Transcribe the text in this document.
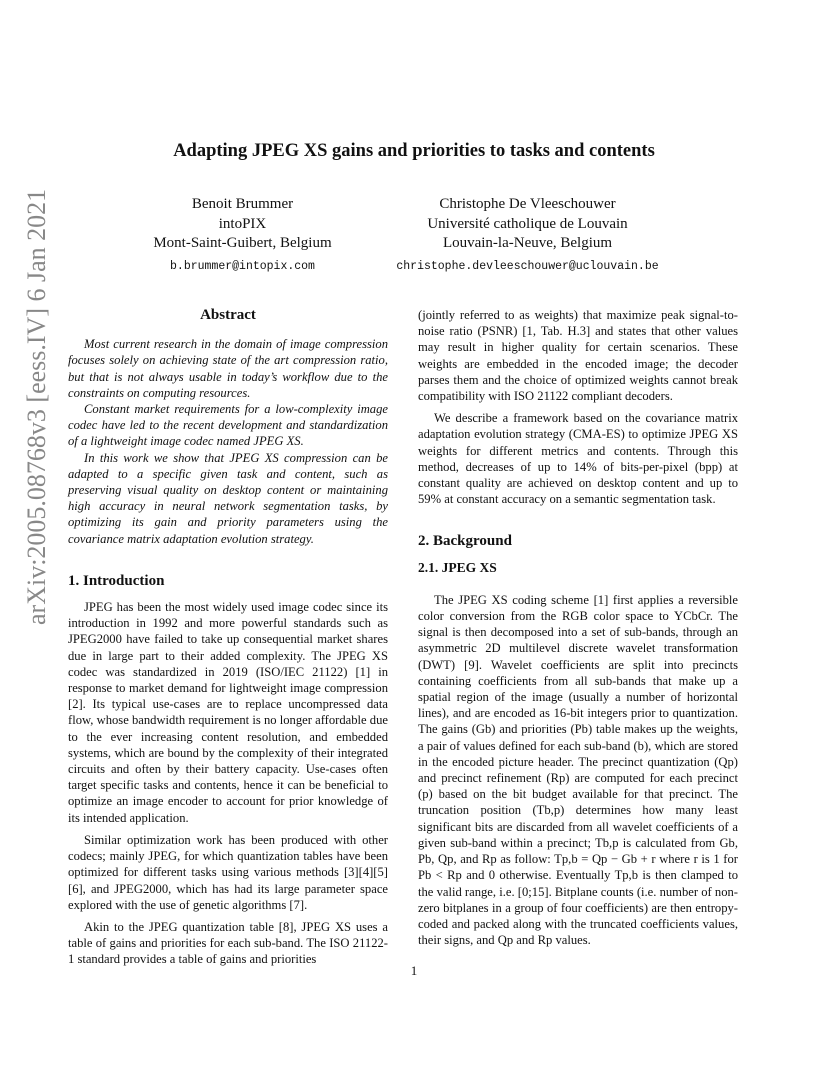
arXiv:2005.08768v3 [eess.IV] 6 Jan 2021
Adapting JPEG XS gains and priorities to tasks and contents
Benoit Brummer
intoPIX
Mont-Saint-Guibert, Belgium
b.brummer@intopix.com
Christophe De Vleeschouwer
Université catholique de Louvain
Louvain-la-Neuve, Belgium
christophe.devleeschouwer@uclouvain.be
Abstract

Most current research in the domain of image compression focuses solely on achieving state of the art compression ratio, but that is not always usable in today’s workflow due to the constraints on computing resources.

Constant market requirements for a low-complexity image codec have led to the recent development and standardization of a lightweight image codec named JPEG XS.

In this work we show that JPEG XS compression can be adapted to a specific given task and content, such as preserving visual quality on desktop content or maintaining high accuracy in neural network segmentation tasks, by optimizing its gain and priority parameters using the covariance matrix adaptation evolution strategy.

1. Introduction

JPEG has been the most widely used image codec since its introduction in 1992 and more powerful standards such as JPEG2000 have failed to take up consequential market shares due in large part to their added complexity. The JPEG XS codec was standardized in 2019 (ISO/IEC 21122) [1] in response to market demand for lightweight image compression [2]. Its typical use-cases are to replace uncompressed data flow, whose bandwidth requirement is no longer affordable due to the ever increasing content resolution, and embedded systems, which are bound by the complexity of their integrated circuits and often by their battery capacity. Use-cases often target specific tasks and contents, hence it can be beneficial to optimize an image encoder to account for prior knowledge of its intended application.

Similar optimization work has been produced with other codecs; mainly JPEG, for which quantization tables have been optimized for different tasks using various methods [3][4][5][6], and JPEG2000, which has had its large parameter space explored with the use of genetic algorithms [7].

Akin to the JPEG quantization table [8], JPEG XS uses a table of gains and priorities for each sub-band. The ISO 21122-1 standard provides a table of gains and priorities

(jointly referred to as weights) that maximize peak signal-to-noise ratio (PSNR) [1, Tab. H.3] and states that other values may result in higher quality for certain scenarios. These weights are embedded in the encoded image; the decoder parses them and the choice of optimized weights cannot break compatibility with ISO 21122 compliant decoders.

We describe a framework based on the covariance matrix adaptation evolution strategy (CMA-ES) to optimize JPEG XS weights for different metrics and contents. Through this method, decreases of up to 14% of bits-per-pixel (bpp) at constant quality are achieved on desktop content and up to 59% at constant accuracy on a semantic segmentation task.

2. Background
2.1. JPEG XS

The JPEG XS coding scheme [1] first applies a reversible color conversion from the RGB color space to YCbCr. The signal is then decomposed into a set of sub-bands, through an asymmetric 2D multilevel discrete wavelet transformation (DWT) [9]. Wavelet coefficients are split into precincts containing coefficients from all sub-bands that make up a spatial region of the image (usually a number of horizontal lines), and are encoded as 16-bit integers prior to quantization. The gains (Gb) and priorities (Pb) table makes up the weights, a pair of values defined for each sub-band (b), which are stored in the encoded picture header. The precinct quantization (Qp) and precinct refinement (Rp) are computed for each precinct (p) based on the bit budget available for that precinct. The truncation position (Tb,p) determines how many least significant bits are discarded from all wavelet coefficients of a given sub-band within a precinct; Tb,p is calculated from Gb, Pb, Qp, and Rp as follow: Tp,b = Qp − Gb + r where r is 1 for Pb < Rp and 0 otherwise. Eventually Tp,b is then clamped to the valid range, i.e. [0;15]. Bitplane counts (i.e. number of non-zero bitplanes in a group of four coefficients) are then entropy-coded and packed along with the truncated coefficients values, their signs, and Qp and Rp values.

1
